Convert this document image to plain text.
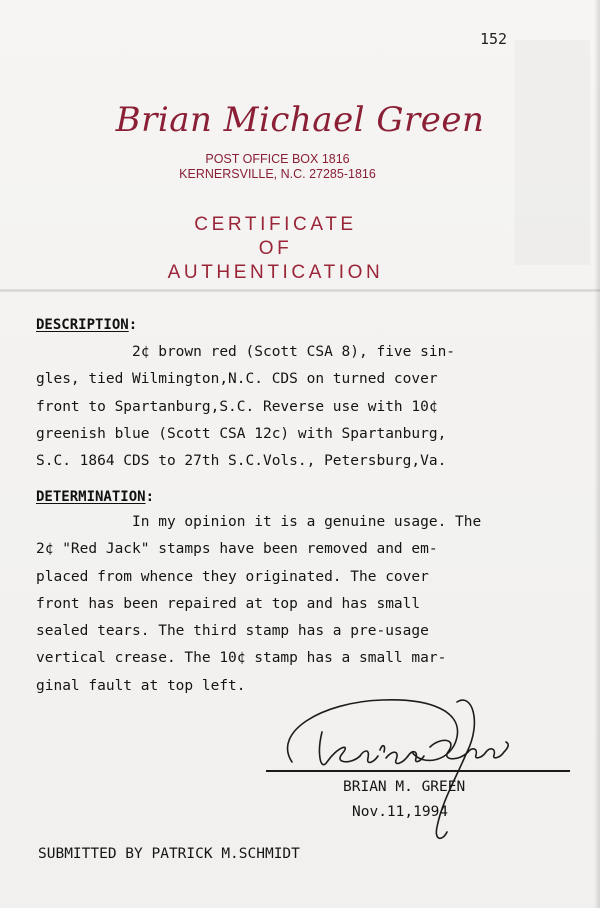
152
Brian Michael Green
POST OFFICE BOX 1816
KERNERSVILLE, N.C. 27285-1816
CERTIFICATE
OF
AUTHENTICATION
DESCRIPTION:
2¢ brown red (Scott CSA 8), five sin-
gles, tied Wilmington,N.C. CDS on turned cover
front to Spartanburg,S.C. Reverse use with 10¢
greenish blue (Scott CSA 12c) with Spartanburg,
S.C. 1864 CDS to 27th S.C.Vols., Petersburg,Va.
DETERMINATION:
In my opinion it is a genuine usage. The
2¢ "Red Jack" stamps have been removed and em-
placed from whence they originated. The cover
front has been repaired at top and has small
sealed tears. The third stamp has a pre-usage
vertical crease. The 10¢ stamp has a small mar-
ginal fault at top left.
BRIAN M. GREEN
Nov.11,1994
SUBMITTED BY PATRICK M.SCHMIDT
